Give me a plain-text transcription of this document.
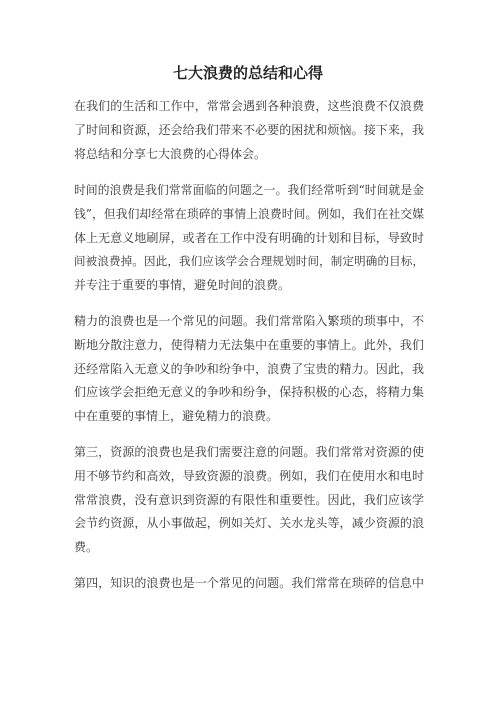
七大浪费的总结和心得
在我们的生活和工作中，常常会遇到各种浪费，这些浪费不仅浪费
了时间和资源，还会给我们带来不必要的困扰和烦恼。接下来，我
将总结和分享七大浪费的心得体会。
时间的浪费是我们常常面临的问题之一。我们经常听到“时间就是金
钱”，但我们却经常在琐碎的事情上浪费时间。例如，我们在社交媒
体上无意义地刷屏，或者在工作中没有明确的计划和目标，导致时
间被浪费掉。因此，我们应该学会合理规划时间，制定明确的目标，
并专注于重要的事情，避免时间的浪费。
精力的浪费也是一个常见的问题。我们常常陷入繁琐的琐事中，不
断地分散注意力，使得精力无法集中在重要的事情上。此外，我们
还经常陷入无意义的争吵和纷争中，浪费了宝贵的精力。因此，我
们应该学会拒绝无意义的争吵和纷争，保持积极的心态，将精力集
中在重要的事情上，避免精力的浪费。
第三，资源的浪费也是我们需要注意的问题。我们常常对资源的使
用不够节约和高效，导致资源的浪费。例如，我们在使用水和电时
常常浪费，没有意识到资源的有限性和重要性。因此，我们应该学
会节约资源，从小事做起，例如关灯、关水龙头等，减少资源的浪
费。
第四，知识的浪费也是一个常见的问题。我们常常在琐碎的信息中
